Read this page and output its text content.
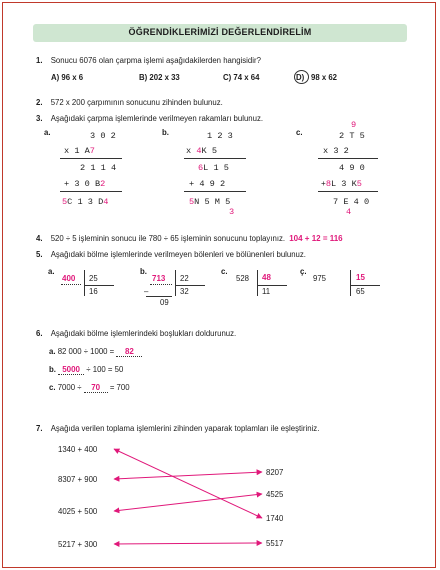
ÖĞRENDİKLERİMİZİ DEĞERLENDİRELİM
1. Sonucu 6076 olan çarpma işlemi aşağıdakilerden hangisidir?
A) 96 x 6	B) 202 x 33	C) 74 x 64	D) 98 x 62
2. 572 x 200 çarpımının sonucunu zihinden bulunuz.
3. Aşağıdaki çarpma işlemlerinde verilmeyen rakamları bulunuz.
a.	3 0 2
x 1 A7
2 1 1 4
+ 3 0 B2
5C 1 3 D4
b.	1 2 3
x 4K 5
6L 1 5
+ 4 9 2
5N 5 M 5
3
c.
9
2 T 5
x 3 2
4 9 0
+8L 3 K5
7 E 4 0
4
4. 520 ÷ 5 işleminin sonucu ile 780 ÷ 65 işleminin sonucunu toplayınız. 104 + 12 = 116
5. Aşağıdaki bölme işlemlerinde verilmeyen bölenleri ve bölünenleri bulunuz.
a.
400 25
16
b.
713 22
32
–
09
c.
528 48
11
ç.
975	15
65
6. Aşağıdaki bölme işlemlerindeki boşlukları doldurunuz.
a. 82 000 ÷ 1000 = 82
b. 5000 ÷ 100 = 50
c. 7000 ÷ 70 = 700
7. Aşağıda verilen toplama işlemlerini zihinden yaparak toplamları ile eşleştiriniz.
1340 + 400
8307 + 900
4025 + 500
5217 + 300
8207
4525
1740
5517
